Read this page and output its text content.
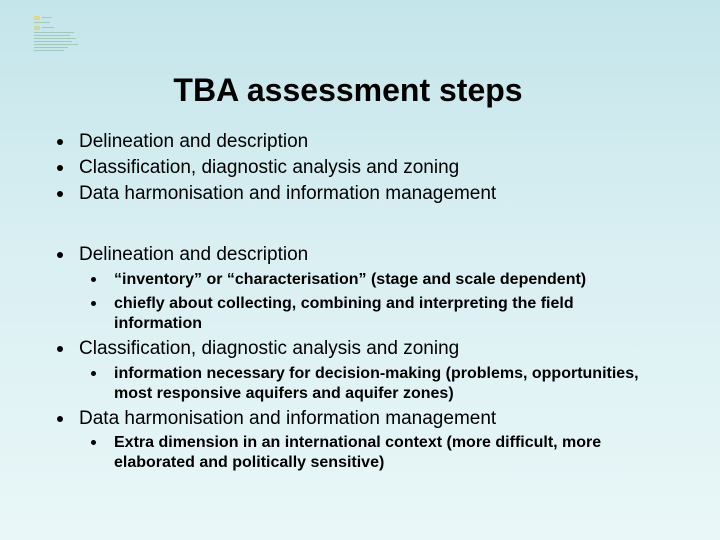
TBA assessment steps
Delineation and description
Classification, diagnostic analysis and zoning
Data harmonisation and information management
Delineation and description
“inventory” or “characterisation” (stage and scale dependent)
chiefly about collecting, combining and interpreting the field information
Classification, diagnostic analysis and zoning
information necessary for decision-making (problems, opportunities, most responsive aquifers and aquifer zones)
Data harmonisation and information management
Extra dimension in an international context (more difficult, more elaborated and politically sensitive)
